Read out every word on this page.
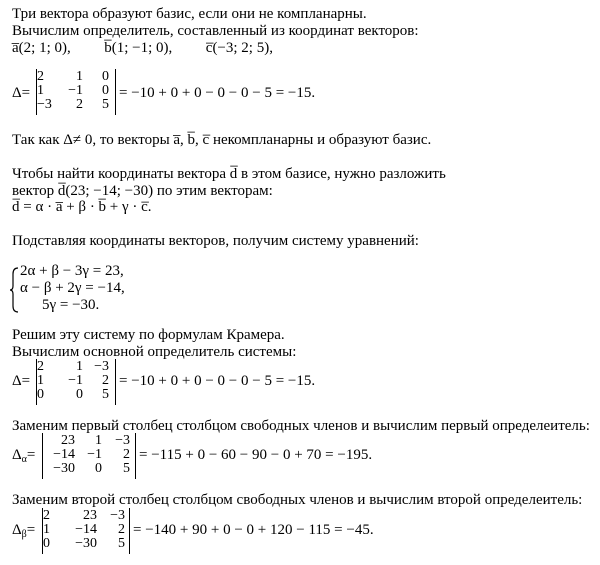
Три вектора образуют базис, если они не компланарны.
Вычислим определитель, составленный из координат векторов:
a̅(2; 1; 0), b̅(1; −1; 0), c̅(−3; 2; 5),
Δ=
2	1	0
1	−1	0
−3	2	5
= −10 + 0 + 0 − 0 − 0 − 5 = −15.
Так как Δ≠ 0, то векторы a̅, b̅, c̅ некомпланарны и образуют базис.
Чтобы найти координаты вектора d̅ в этом базисе, нужно разложить
вектор d̅(23; −14; −30) по этим векторам:
d̅ = α · a̅ + β · b̅ + γ · c̅.
Подставляя координаты векторов, получим систему уравнений:
2α + β − 3γ = 23,
α − β + 2γ = −14,
5γ = −30.
Решим эту систему по формулам Крамера.
Вычислим основной определитель системы:
Δ=
2	1	−3
1	−1	2
0	0	5
= −10 + 0 + 0 − 0 − 0 − 5 = −15.
Заменим первый столбец столбцом свободных членов и вычислим первый определеитель:
$\Delta_\alpha=$
23	1	−3
−14	−1	2
−30	0	5
= −115 + 0 − 60 − 90 − 0 + 70 = −195.
Заменим второй столбец столбцом свободных членов и вычислим второй определеитель:
$\Delta_\beta=$
2	23	−3
1	−14	2
0	−30	5
= −140 + 90 + 0 − 0 + 120 − 115 = −45.
